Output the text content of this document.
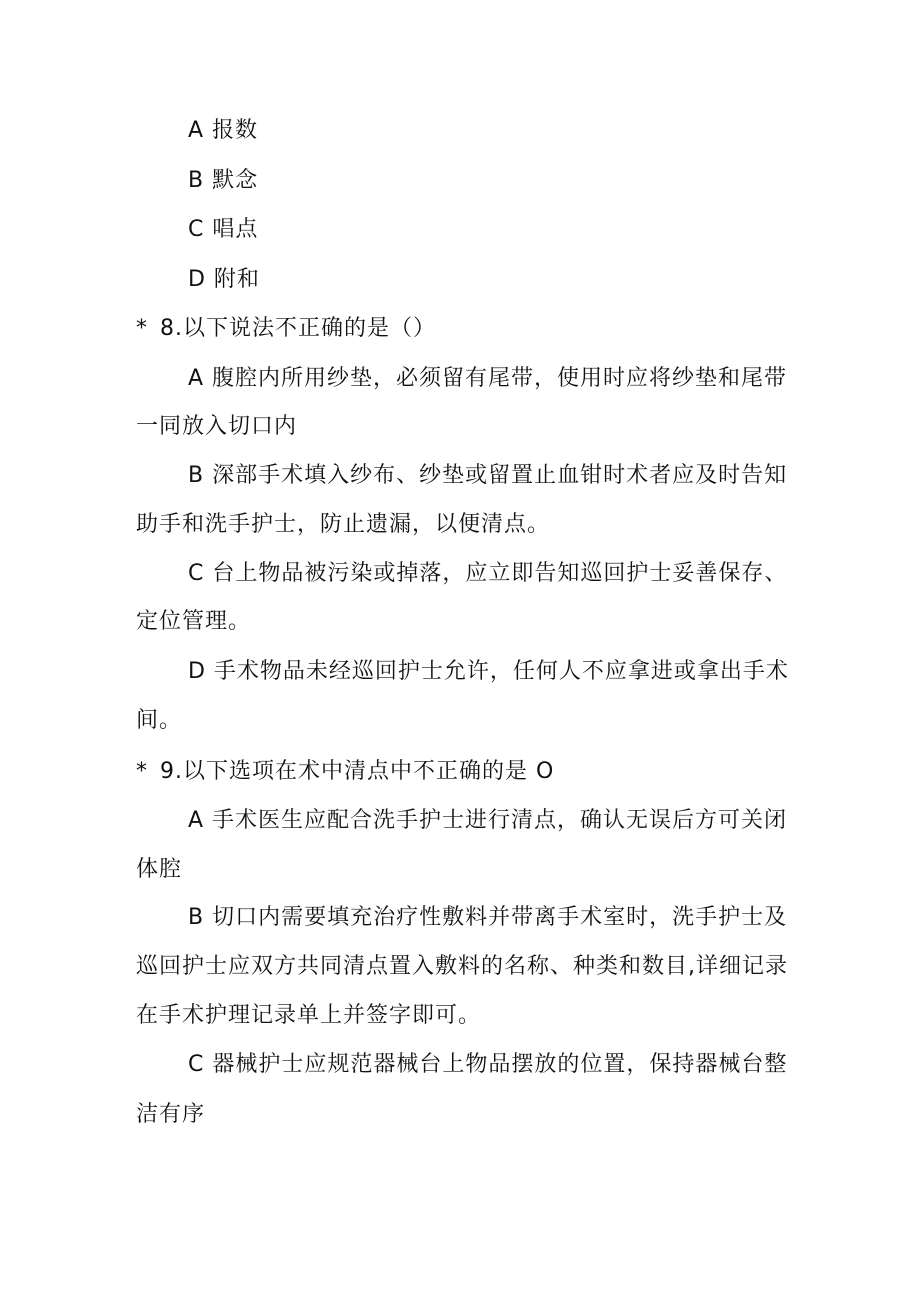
A 报数
B 默念
C 唱点
D 附和
* 8.以下说法不正确的是（）
A 腹腔内所用纱垫，必须留有尾带，使用时应将纱垫和尾带
一同放入切口内
B 深部手术填入纱布、纱垫或留置止血钳时术者应及时告知
助手和洗手护士，防止遗漏，以便清点。
C 台上物品被污染或掉落，应立即告知巡回护士妥善保存、
定位管理。
D 手术物品未经巡回护士允许，任何人不应拿进或拿出手术
间。
* 9.以下选项在术中清点中不正确的是 O
A 手术医生应配合洗手护士进行清点，确认无误后方可关闭
体腔
B 切口内需要填充治疗性敷料并带离手术室时，洗手护士及
巡回护士应双方共同清点置入敷料的名称、种类和数目,详细记录
在手术护理记录单上并签字即可。
C 器械护士应规范器械台上物品摆放的位置，保持器械台整
洁有序
